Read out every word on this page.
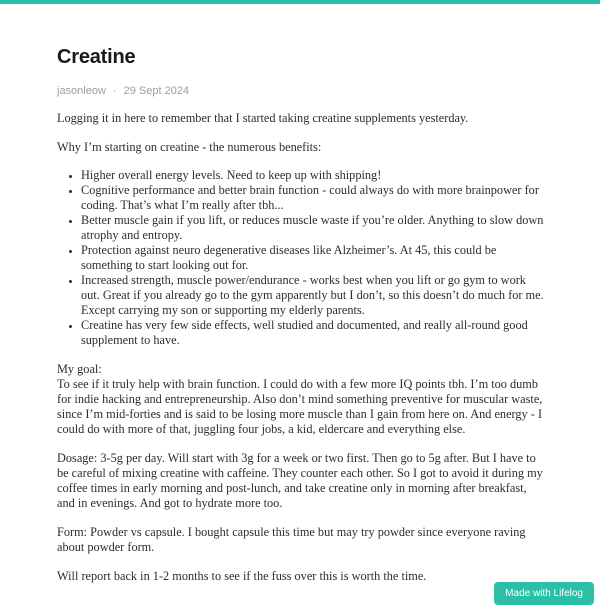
Creatine
jasonleow · 29 Sept 2024

Logging it in here to remember that I started taking creatine supplements yesterday.

Why I’m starting on creatine - the numerous benefits:

• Higher overall energy levels. Need to keep up with shipping!
• Cognitive performance and better brain function - could always do with more brainpower for coding. That’s what I’m really after tbh...
• Better muscle gain if you lift, or reduces muscle waste if you’re older. Anything to slow down atrophy and entropy.
• Protection against neuro degenerative diseases like Alzheimer’s. At 45, this could be something to start looking out for.
• Increased strength, muscle power/endurance - works best when you lift or go gym to work out. Great if you already go to the gym apparently but I don’t, so this doesn’t do much for me. Except carrying my son or supporting my elderly parents.
• Creatine has very few side effects, well studied and documented, and really all-round good supplement to have.

My goal:
To see if it truly help with brain function. I could do with a few more IQ points tbh. I’m too dumb for indie hacking and entrepreneurship. Also don’t mind something preventive for muscular waste, since I’m mid-forties and is said to be losing more muscle than I gain from here on. And energy - I could do with more of that, juggling four jobs, a kid, eldercare and everything else.

Dosage: 3-5g per day. Will start with 3g for a week or two first. Then go to 5g after. But I have to be careful of mixing creatine with caffeine. They counter each other. So I got to avoid it during my coffee times in early morning and post-lunch, and take creatine only in morning after breakfast, and in evenings. And got to hydrate more too.

Form: Powder vs capsule. I bought capsule this time but may try powder since everyone raving about powder form.

Will report back in 1-2 months to see if the fuss over this is worth the time.

Made with Lifelog
